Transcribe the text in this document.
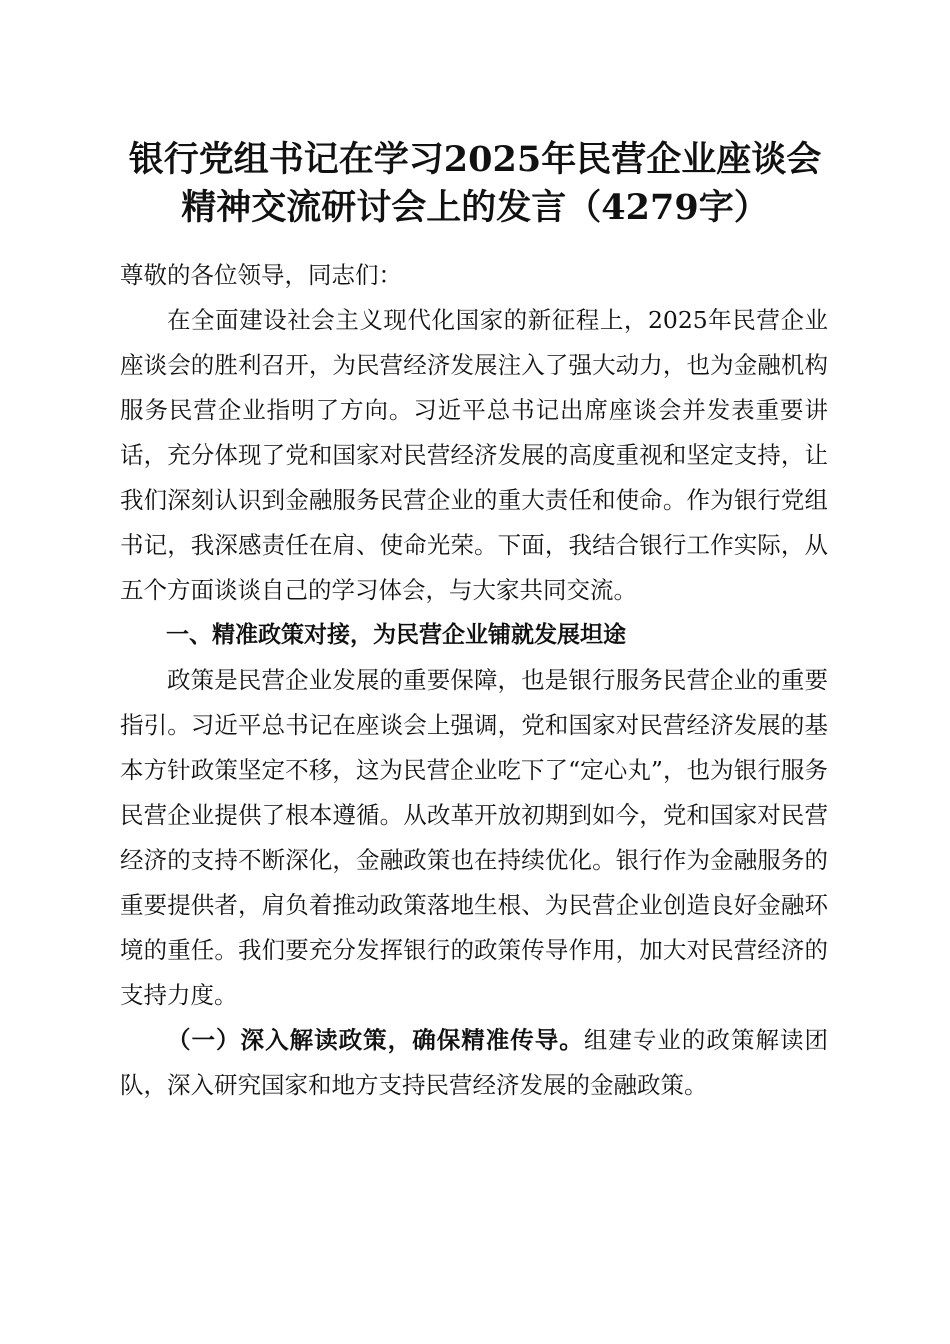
银行党组书记在学习2025年民营企业座谈会
精神交流研讨会上的发言（4279字）

尊敬的各位领导，同志们：

在全面建设社会主义现代化国家的新征程上，2025年民营企业座谈会的胜利召开，为民营经济发展注入了强大动力，也为金融机构服务民营企业指明了方向。习近平总书记出席座谈会并发表重要讲话，充分体现了党和国家对民营经济发展的高度重视和坚定支持，让我们深刻认识到金融服务民营企业的重大责任和使命。作为银行党组书记，我深感责任在肩、使命光荣。下面，我结合银行工作实际，从五个方面谈谈自己的学习体会，与大家共同交流。

一、精准政策对接，为民营企业铺就发展坦途

政策是民营企业发展的重要保障，也是银行服务民营企业的重要指引。习近平总书记在座谈会上强调，党和国家对民营经济发展的基本方针政策坚定不移，这为民营企业吃下了“定心丸”，也为银行服务民营企业提供了根本遵循。从改革开放初期到如今，党和国家对民营经济的支持不断深化，金融政策也在持续优化。银行作为金融服务的重要提供者，肩负着推动政策落地生根、为民营企业创造良好金融环境的重任。我们要充分发挥银行的政策传导作用，加大对民营经济的支持力度。

（一）深入解读政策，确保精准传导。组建专业的政策解读团队，深入研究国家和地方支持民营经济发展的金融政策。
